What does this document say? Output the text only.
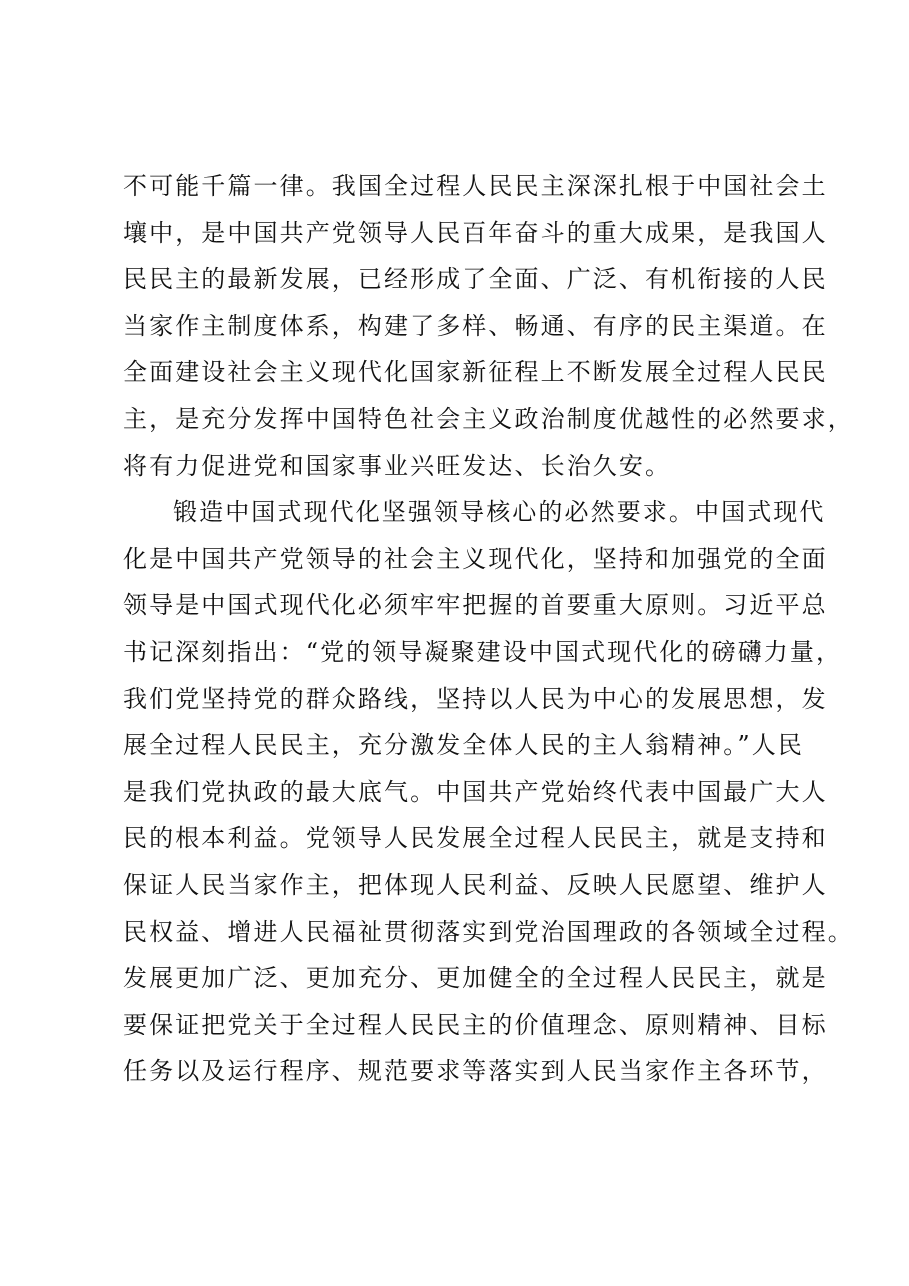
不可能千篇一律。我国全过程人民民主深深扎根于中国社会土
壤中，是中国共产党领导人民百年奋斗的重大成果，是我国人
民民主的最新发展，已经形成了全面、广泛、有机衔接的人民
当家作主制度体系，构建了多样、畅通、有序的民主渠道。在
全面建设社会主义现代化国家新征程上不断发展全过程人民民
主，是充分发挥中国特色社会主义政治制度优越性的必然要求，
将有力促进党和国家事业兴旺发达、长治久安。
锻造中国式现代化坚强领导核心的必然要求。中国式现代
化是中国共产党领导的社会主义现代化，坚持和加强党的全面
领导是中国式现代化必须牢牢把握的首要重大原则。习近平总
书记深刻指出：“党的领导凝聚建设中国式现代化的磅礴力量，
我们党坚持党的群众路线，坚持以人民为中心的发展思想，发
展全过程人民民主，充分激发全体人民的主人翁精神。”人民
是我们党执政的最大底气。中国共产党始终代表中国最广大人
民的根本利益。党领导人民发展全过程人民民主，就是支持和
保证人民当家作主，把体现人民利益、反映人民愿望、维护人
民权益、增进人民福祉贯彻落实到党治国理政的各领域全过程。
发展更加广泛、更加充分、更加健全的全过程人民民主，就是
要保证把党关于全过程人民民主的价值理念、原则精神、目标
任务以及运行程序、规范要求等落实到人民当家作主各环节，
